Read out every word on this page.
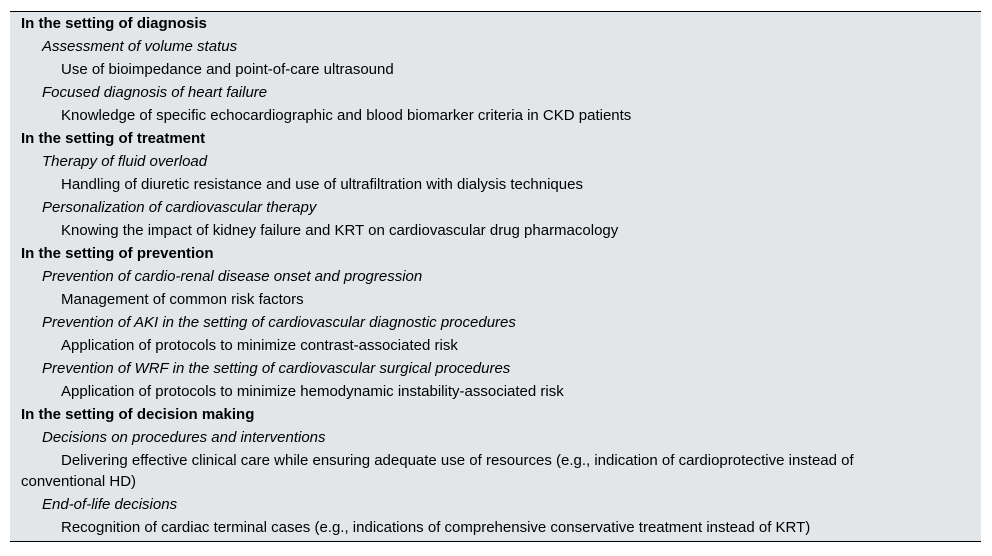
In the setting of diagnosis
Assessment of volume status
Use of bioimpedance and point-of-care ultrasound
Focused diagnosis of heart failure
Knowledge of specific echocardiographic and blood biomarker criteria in CKD patients
In the setting of treatment
Therapy of fluid overload
Handling of diuretic resistance and use of ultrafiltration with dialysis techniques
Personalization of cardiovascular therapy
Knowing the impact of kidney failure and KRT on cardiovascular drug pharmacology
In the setting of prevention
Prevention of cardio-renal disease onset and progression
Management of common risk factors
Prevention of AKI in the setting of cardiovascular diagnostic procedures
Application of protocols to minimize contrast-associated risk
Prevention of WRF in the setting of cardiovascular surgical procedures
Application of protocols to minimize hemodynamic instability-associated risk
In the setting of decision making
Decisions on procedures and interventions
Delivering effective clinical care while ensuring adequate use of resources (e.g., indication of cardioprotective instead of conventional HD)
End-of-life decisions
Recognition of cardiac terminal cases (e.g., indications of comprehensive conservative treatment instead of KRT)
